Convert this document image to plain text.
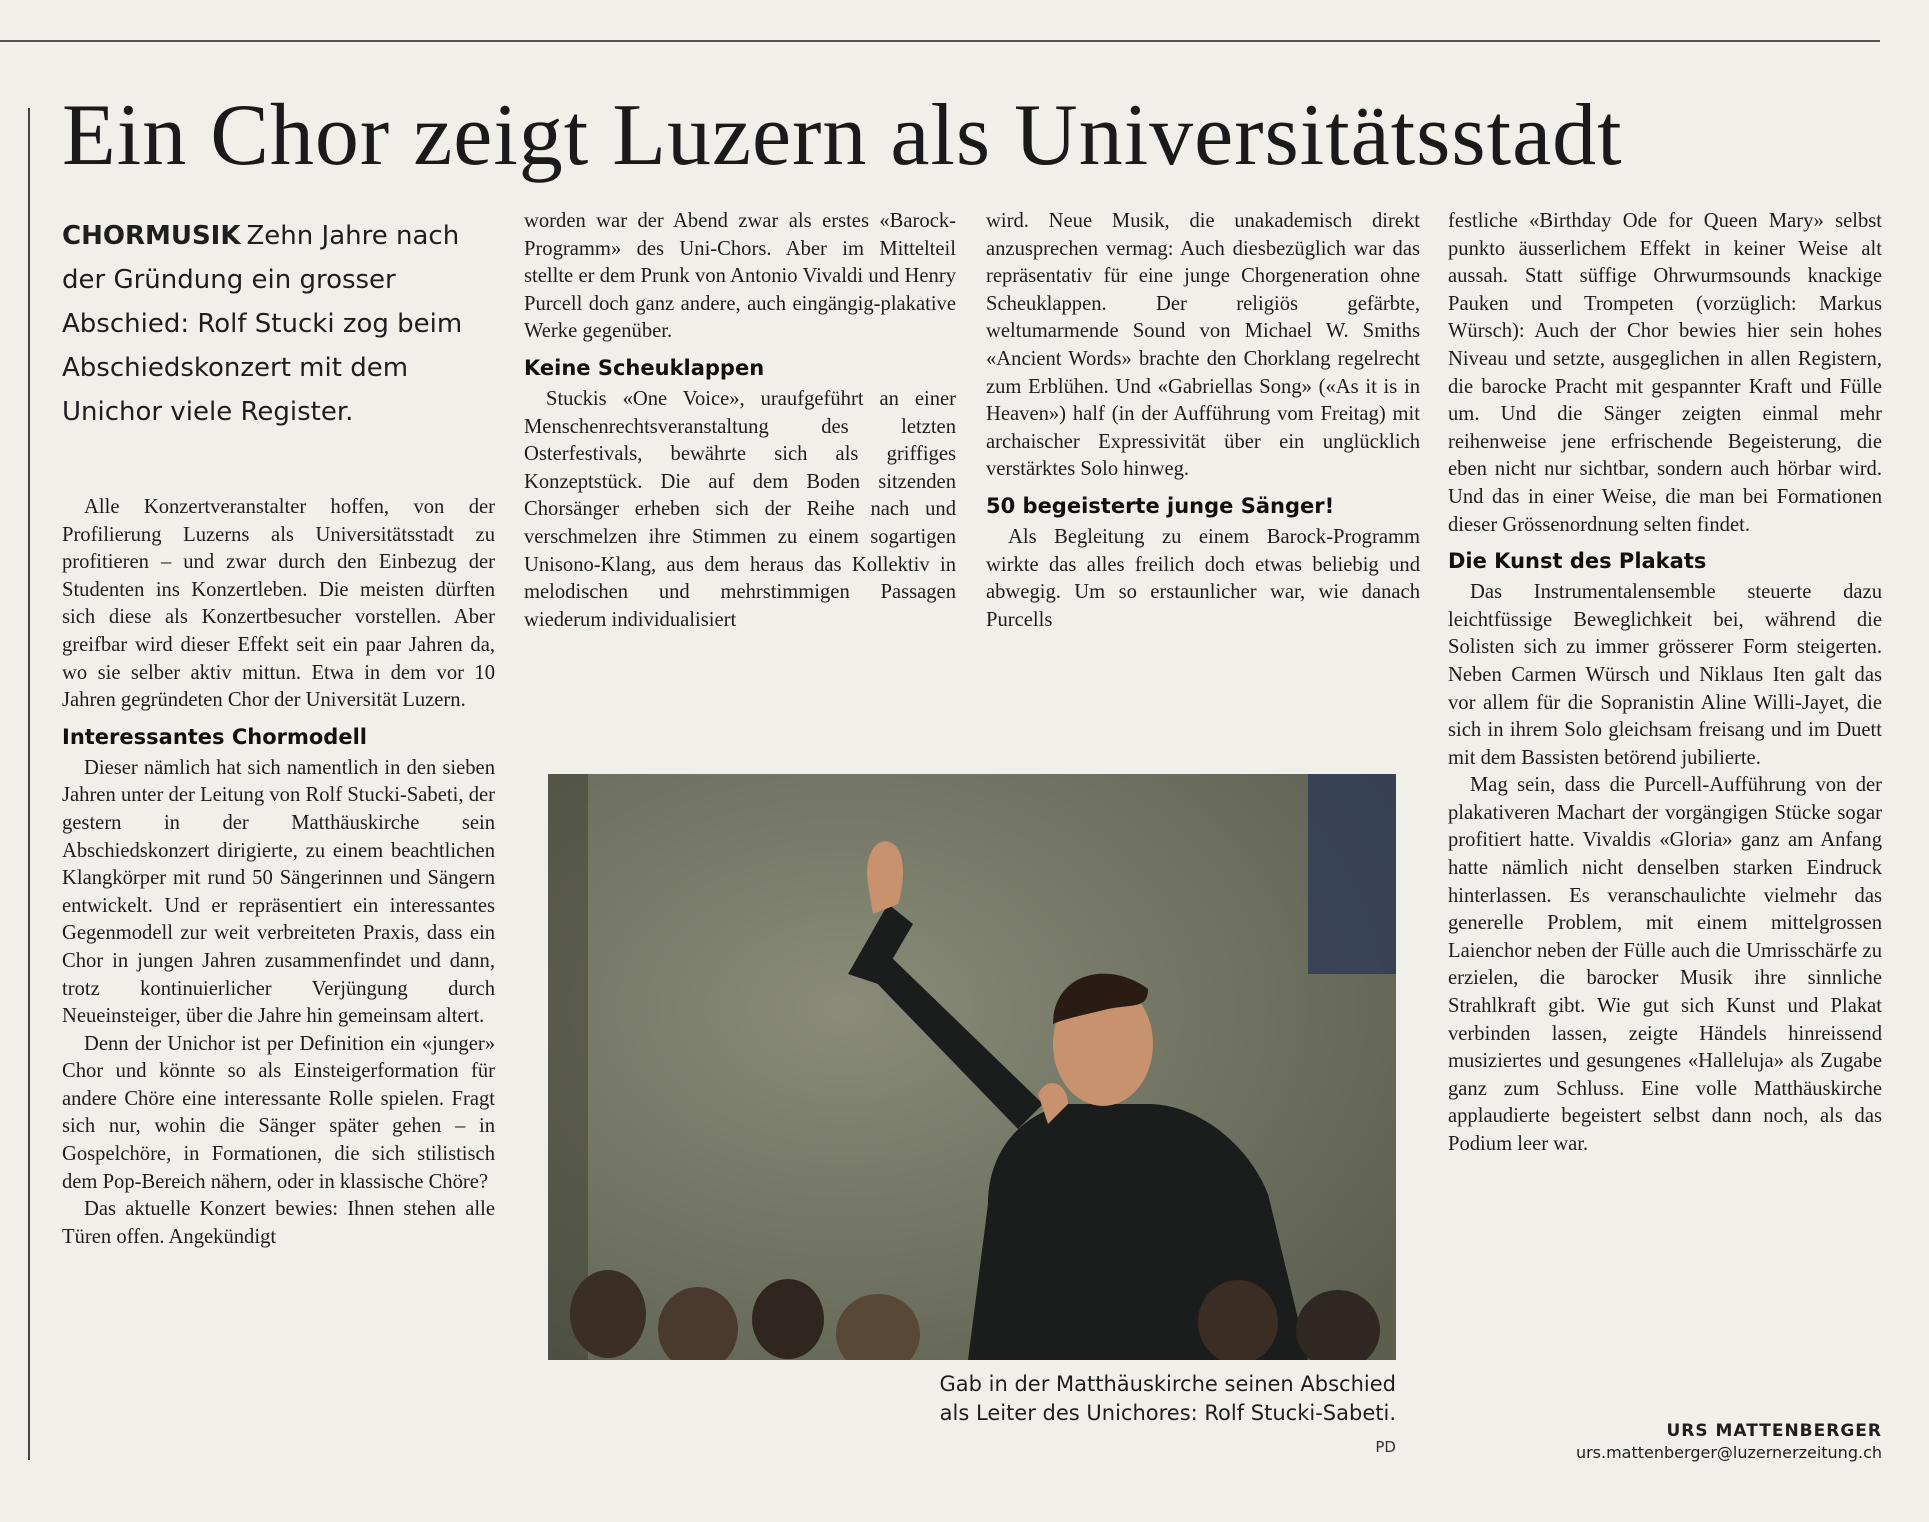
Ein Chor zeigt Luzern als Universitätsstadt
CHORMUSIK Zehn Jahre nach der Gründung ein grosser Abschied: Rolf Stucki zog beim Abschiedskonzert mit dem Unichor viele Register.
Alle Konzertveranstalter hoffen, von der Profilierung Luzerns als Universitätsstadt zu profitieren – und zwar durch den Einbezug der Studenten ins Konzertleben. Die meisten dürften sich diese als Konzertbesucher vorstellen. Aber greifbar wird dieser Effekt seit ein paar Jahren da, wo sie selber aktiv mittun. Etwa in dem vor 10 Jahren gegründeten Chor der Universität Luzern.
Interessantes Chormodell
Dieser nämlich hat sich namentlich in den sieben Jahren unter der Leitung von Rolf Stucki-Sabeti, der gestern in der Matthäuskirche sein Abschiedskonzert dirigierte, zu einem beachtlichen Klangkörper mit rund 50 Sängerinnen und Sängern entwickelt. Und er repräsentiert ein interessantes Gegenmodell zur weit verbreiteten Praxis, dass ein Chor in jungen Jahren zusammenfindet und dann, trotz kontinuierlicher Verjüngung durch Neueinsteiger, über die Jahre hin gemeinsam altert.
Denn der Unichor ist per Definition ein «junger» Chor und könnte so als Einsteigerformation für andere Chöre eine interessante Rolle spielen. Fragt sich nur, wohin die Sänger später gehen – in Gospelchöre, in Formationen, die sich stilistisch dem Pop-Bereich nähern, oder in klassische Chöre?
Das aktuelle Konzert bewies: Ihnen stehen alle Türen offen. Angekündigt
worden war der Abend zwar als erstes «Barock-Programm» des Uni-Chors. Aber im Mittelteil stellte er dem Prunk von Antonio Vivaldi und Henry Purcell doch ganz andere, auch eingängig-plakative Werke gegenüber.
Keine Scheuklappen
Stuckis «One Voice», uraufgeführt an einer Menschenrechtsveranstaltung des letzten Osterfestivals, bewährte sich als griffiges Konzeptstück. Die auf dem Boden sitzenden Chorsänger erheben sich der Reihe nach und verschmelzen ihre Stimmen zu einem sogartigen Unisono-Klang, aus dem heraus das Kollektiv in melodischen und mehrstimmigen Passagen wiederum individualisiert
wird. Neue Musik, die unakademisch direkt anzusprechen vermag: Auch diesbezüglich war das repräsentativ für eine junge Chorgeneration ohne Scheuklappen. Der religiös gefärbte, weltumarmende Sound von Michael W. Smiths «Ancient Words» brachte den Chorklang regelrecht zum Erblühen. Und «Gabriellas Song» («As it is in Heaven») half (in der Aufführung vom Freitag) mit archaischer Expressivität über ein unglücklich verstärktes Solo hinweg.
50 begeisterte junge Sänger!
Als Begleitung zu einem Barock-Programm wirkte das alles freilich doch etwas beliebig und abwegig. Um so erstaunlicher war, wie danach Purcells
festliche «Birthday Ode for Queen Mary» selbst punkto äusserlichem Effekt in keiner Weise alt aussah. Statt süffige Ohrwurmsounds knackige Pauken und Trompeten (vorzüglich: Markus Würsch): Auch der Chor bewies hier sein hohes Niveau und setzte, ausgeglichen in allen Registern, die barocke Pracht mit gespannter Kraft und Fülle um. Und die Sänger zeigten einmal mehr reihenweise jene erfrischende Begeisterung, die eben nicht nur sichtbar, sondern auch hörbar wird. Und das in einer Weise, die man bei Formationen dieser Grössenordnung selten findet.
Die Kunst des Plakats
Das Instrumentalensemble steuerte dazu leichtfüssige Beweglichkeit bei, während die Solisten sich zu immer grösserer Form steigerten. Neben Carmen Würsch und Niklaus Iten galt das vor allem für die Sopranistin Aline Willi-Jayet, die sich in ihrem Solo gleichsam freisang und im Duett mit dem Bassisten betörend jubilierte.
Mag sein, dass die Purcell-Aufführung von der plakativeren Machart der vorgängigen Stücke sogar profitiert hatte. Vivaldis «Gloria» ganz am Anfang hatte nämlich nicht denselben starken Eindruck hinterlassen. Es veranschaulichte vielmehr das generelle Problem, mit einem mittelgrossen Laienchor neben der Fülle auch die Umrisschärfe zu erzielen, die barocker Musik ihre sinnliche Strahlkraft gibt. Wie gut sich Kunst und Plakat verbinden lassen, zeigte Händels hinreissend musiziertes und gesungenes «Halleluja» als Zugabe ganz zum Schluss. Eine volle Matthäuskirche applaudierte begeistert selbst dann noch, als das Podium leer war.
Gab in der Matthäuskirche seinen Abschied
als Leiter des Unichores: Rolf Stucki-Sabeti.
PD
URS MATTENBERGER
urs.mattenberger@luzernerzeitung.ch
